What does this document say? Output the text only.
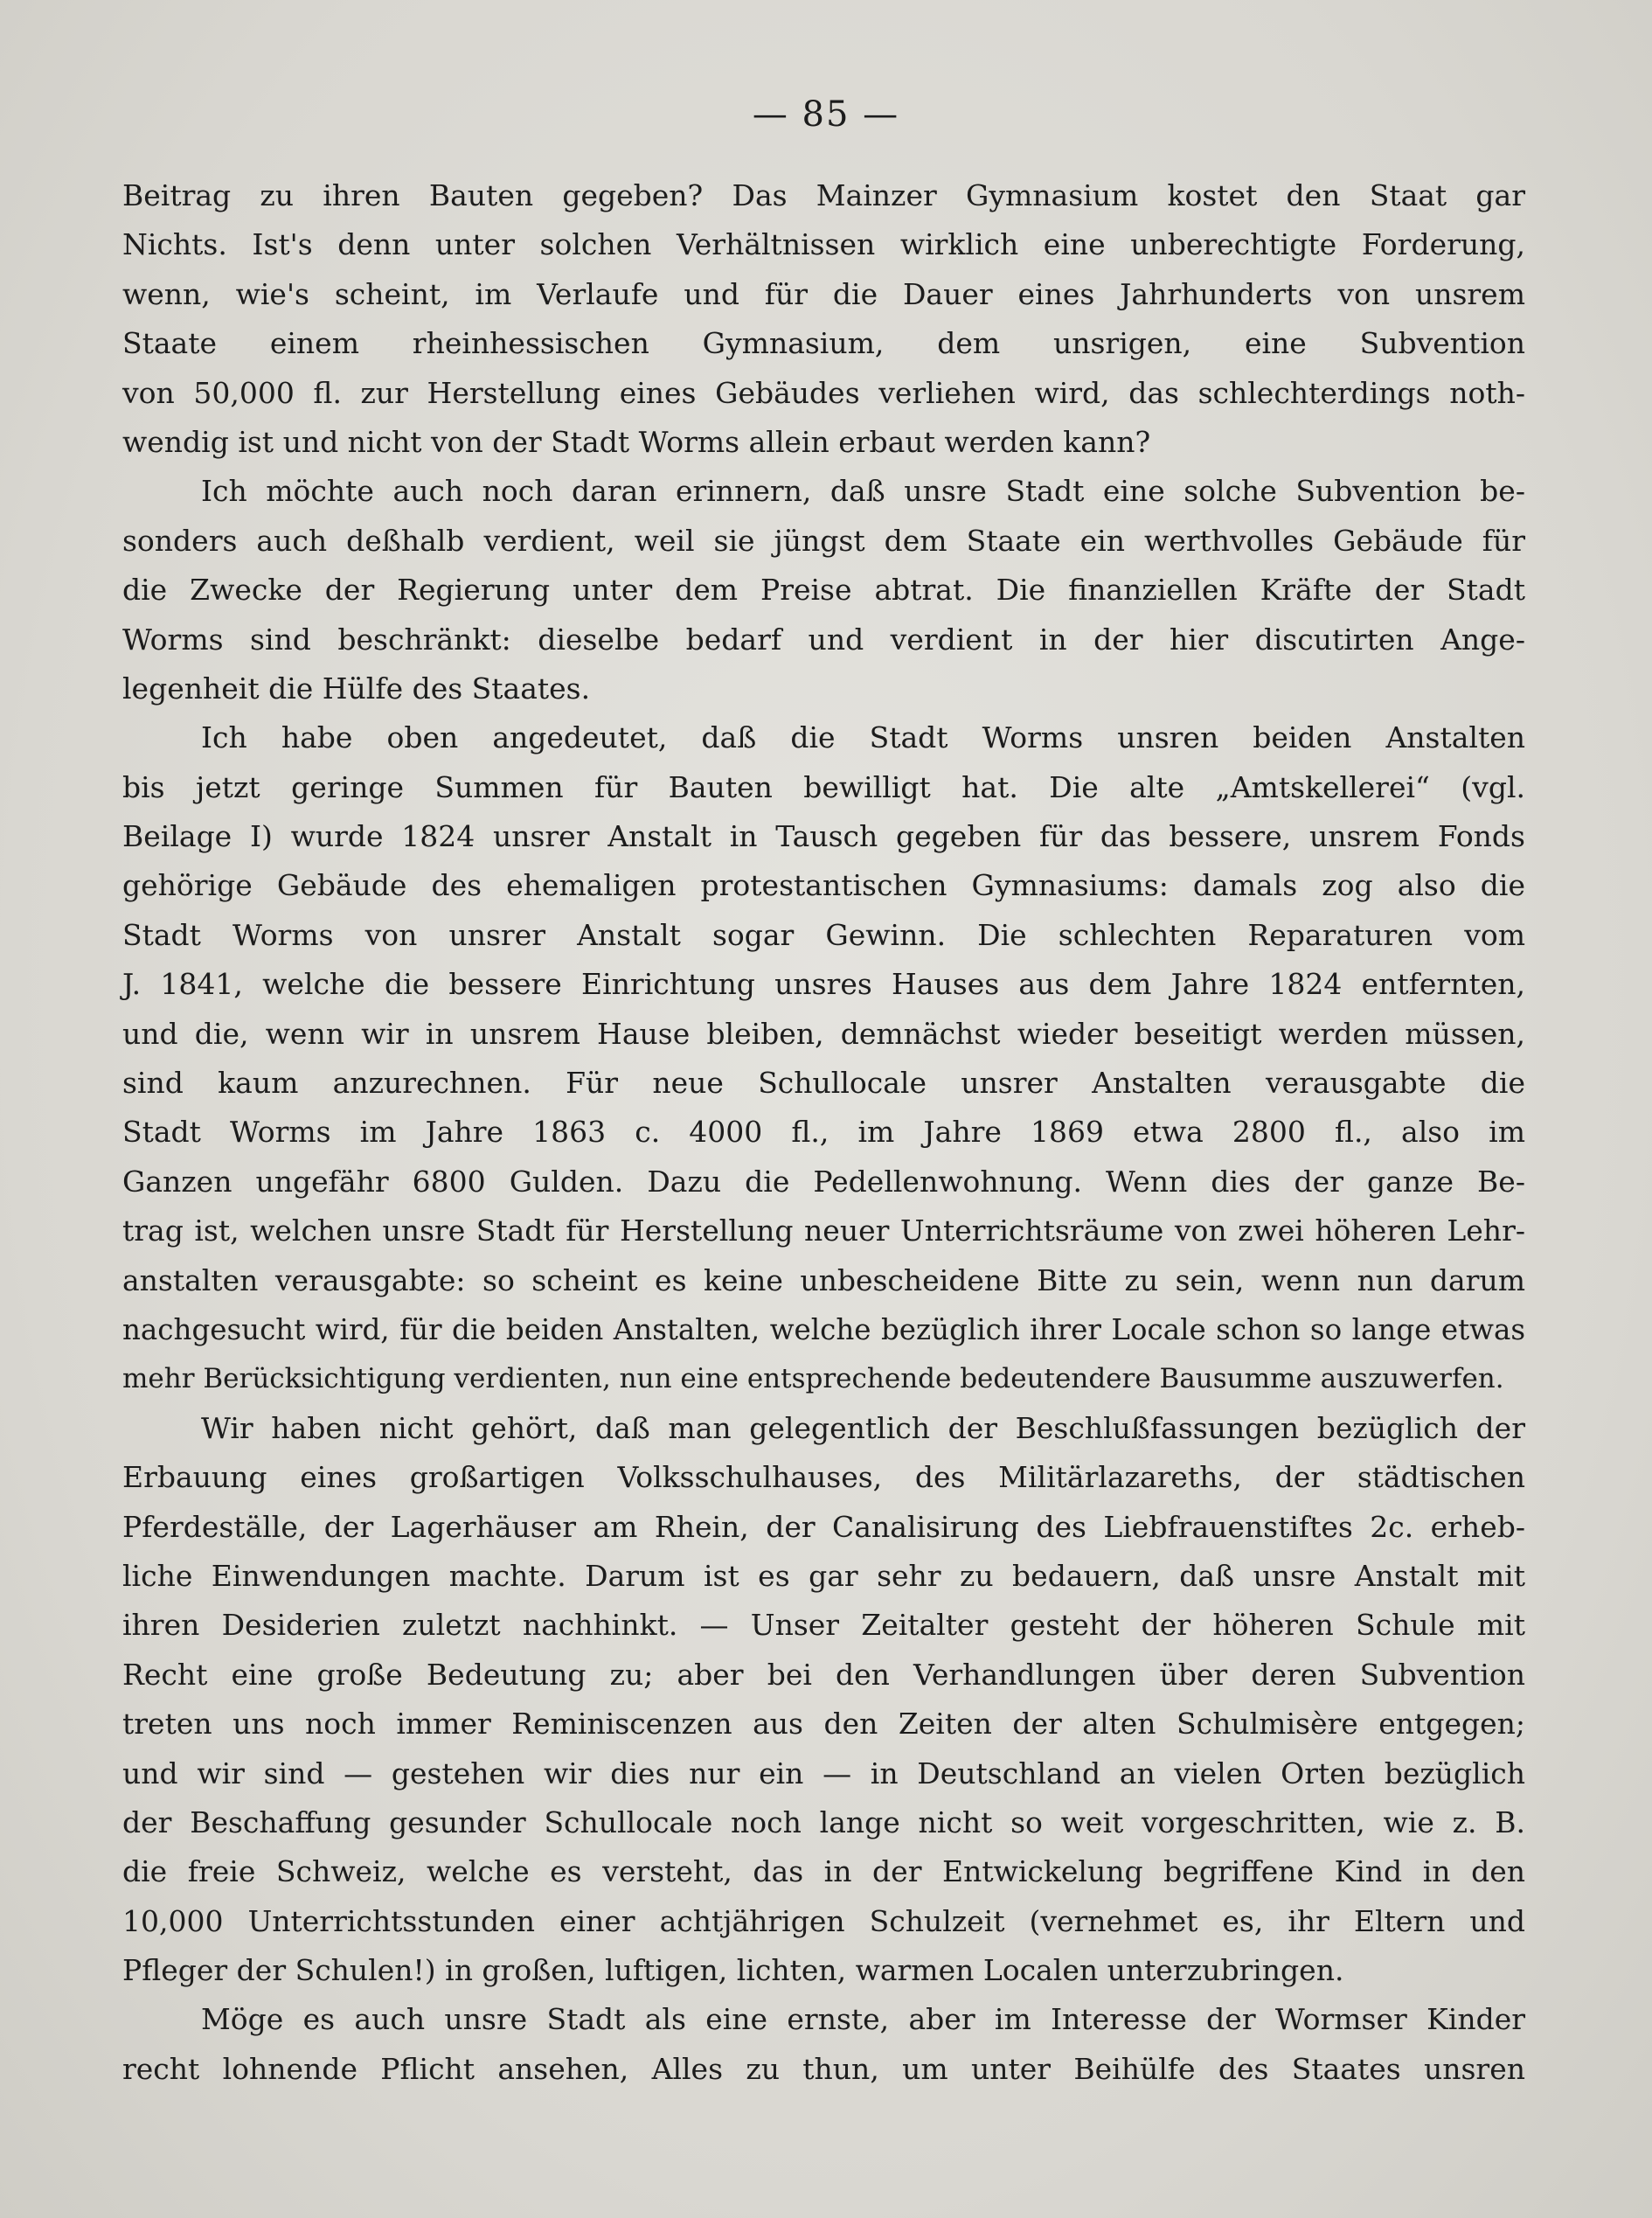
— 85 —
Beitrag zu ihren Bauten gegeben? Das Mainzer Gymnasium kostet den Staat gar
Nichts. Ist's denn unter solchen Verhältnissen wirklich eine unberechtigte Forderung,
wenn, wie's scheint, im Verlaufe und für die Dauer eines Jahrhunderts von unsrem
Staate einem rheinhessischen Gymnasium, dem unsrigen, eine Subvention
von 50,000 fl. zur Herstellung eines Gebäudes verliehen wird, das schlechterdings noth-
wendig ist und nicht von der Stadt Worms allein erbaut werden kann?
Ich möchte auch noch daran erinnern, daß unsre Stadt eine solche Subvention be-
sonders auch deßhalb verdient, weil sie jüngst dem Staate ein werthvolles Gebäude für
die Zwecke der Regierung unter dem Preise abtrat. Die finanziellen Kräfte der Stadt
Worms sind beschränkt: dieselbe bedarf und verdient in der hier discutirten Ange-
legenheit die Hülfe des Staates.
Ich habe oben angedeutet, daß die Stadt Worms unsren beiden Anstalten
bis jetzt geringe Summen für Bauten bewilligt hat. Die alte „Amtskellerei“ (vgl.
Beilage I) wurde 1824 unsrer Anstalt in Tausch gegeben für das bessere, unsrem Fonds
gehörige Gebäude des ehemaligen protestantischen Gymnasiums: damals zog also die
Stadt Worms von unsrer Anstalt sogar Gewinn. Die schlechten Reparaturen vom
J. 1841, welche die bessere Einrichtung unsres Hauses aus dem Jahre 1824 entfernten,
und die, wenn wir in unsrem Hause bleiben, demnächst wieder beseitigt werden müssen,
sind kaum anzurechnen. Für neue Schullocale unsrer Anstalten verausgabte die
Stadt Worms im Jahre 1863 c. 4000 fl., im Jahre 1869 etwa 2800 fl., also im
Ganzen ungefähr 6800 Gulden. Dazu die Pedellenwohnung. Wenn dies der ganze Be-
trag ist, welchen unsre Stadt für Herstellung neuer Unterrichtsräume von zwei höheren Lehr-
anstalten verausgabte: so scheint es keine unbescheidene Bitte zu sein, wenn nun darum
nachgesucht wird, für die beiden Anstalten, welche bezüglich ihrer Locale schon so lange etwas
mehr Berücksichtigung verdienten, nun eine entsprechende bedeutendere Bausumme auszuwerfen.
Wir haben nicht gehört, daß man gelegentlich der Beschlußfassungen bezüglich der
Erbauung eines großartigen Volksschulhauses, des Militärlazareths, der städtischen
Pferdeställe, der Lagerhäuser am Rhein, der Canalisirung des Liebfrauenstiftes 2c. erheb-
liche Einwendungen machte. Darum ist es gar sehr zu bedauern, daß unsre Anstalt mit
ihren Desiderien zuletzt nachhinkt. — Unser Zeitalter gesteht der höheren Schule mit
Recht eine große Bedeutung zu; aber bei den Verhandlungen über deren Subvention
treten uns noch immer Reminiscenzen aus den Zeiten der alten Schulmisère entgegen;
und wir sind — gestehen wir dies nur ein — in Deutschland an vielen Orten bezüglich
der Beschaffung gesunder Schullocale noch lange nicht so weit vorgeschritten, wie z. B.
die freie Schweiz, welche es versteht, das in der Entwickelung begriffene Kind in den
10,000 Unterrichtsstunden einer achtjährigen Schulzeit (vernehmet es, ihr Eltern und
Pfleger der Schulen!) in großen, luftigen, lichten, warmen Localen unterzubringen.
Möge es auch unsre Stadt als eine ernste, aber im Interesse der Wormser Kinder
recht lohnende Pflicht ansehen, Alles zu thun, um unter Beihülfe des Staates unsren
